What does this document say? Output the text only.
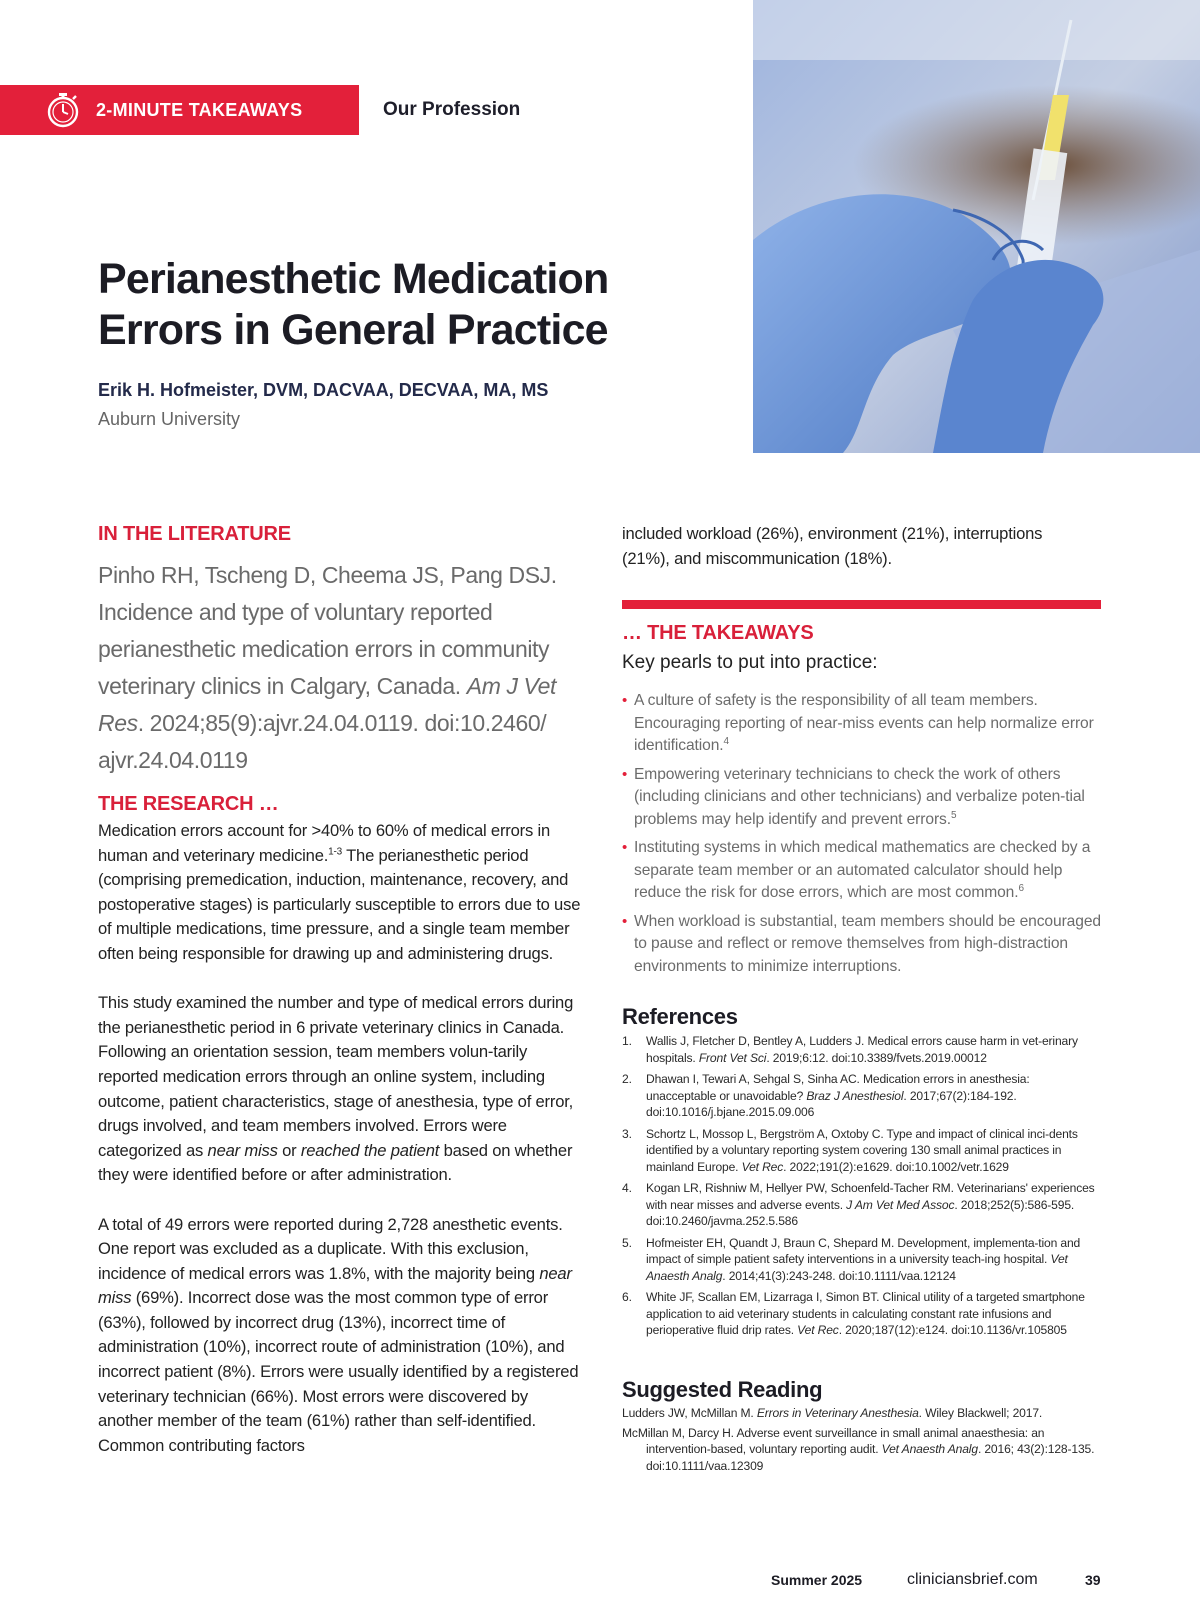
2-MINUTE TAKEAWAYS	Our Profession
Perianesthetic Medication
Errors in General Practice
Erik H. Hofmeister, DVM, DACVAA, DECVAA, MA, MS
Auburn University
IN THE LITERATURE
Pinho RH, Tscheng D, Cheema JS, Pang DSJ. Incidence and type of voluntary reported perianesthetic medication errors in community veterinary clinics in Calgary, Canada. Am J Vet Res. 2024;85(9):ajvr.24.04.0119. doi:10.2460/ ajvr.24.04.0119
THE RESEARCH …

Medication errors account for >40% to 60% of medical errors in human and veterinary medicine.$^{1-3}$ The perianesthetic period (comprising premedication, induction, maintenance, recovery, and postoperative stages) is particularly susceptible to errors due to use of multiple medications, time pressure, and a single team member often being responsible for drawing up and administering drugs.

This study examined the number and type of medical errors during the perianesthetic period in 6 private veterinary clinics in Canada. Following an orientation session, team members volun-tarily reported medication errors through an online system, including outcome, patient characteristics, stage of anesthesia, type of error, drugs involved, and team members involved. Errors were categorized as near miss or reached the patient based on whether they were identified before or after administration.

A total of 49 errors were reported during 2,728 anesthetic events. One report was excluded as a duplicate. With this exclusion, incidence of medical errors was 1.8%, with the majority being near miss (69%). Incorrect dose was the most common type of error (63%), followed by incorrect drug (13%), incorrect time of administration (10%), incorrect route of administration (10%), and incorrect patient (8%). Errors were usually identified by a registered veterinary technician (66%). Most errors were discovered by another member of the team (61%) rather than self-identified. Common contributing factors

included workload (26%), environment (21%), interruptions (21%), and miscommunication (18%).
… THE TAKEAWAYS
Key pearls to put into practice:
• A culture of safety is the responsibility of all team members. Encouraging reporting of near-miss events can help normalize error identification.$^4$
• Empowering veterinary technicians to check the work of others (including clinicians and other technicians) and verbalize poten-tial problems may help identify and prevent errors.$^5$
• Instituting systems in which medical mathematics are checked by a separate team member or an automated calculator should help reduce the risk for dose errors, which are most common.$^6$
• When workload is substantial, team members should be encouraged to pause and reflect or remove themselves from high-distraction environments to minimize interruptions.
References
1. Wallis J, Fletcher D, Bentley A, Ludders J. Medical errors cause harm in vet-erinary hospitals. Front Vet Sci. 2019;6:12. doi:10.3389/fvets.2019.00012
2. Dhawan I, Tewari A, Sehgal S, Sinha AC. Medication errors in anesthesia: unacceptable or unavoidable? Braz J Anesthesiol. 2017;67(2):184-192. doi:10.1016/j.bjane.2015.09.006
3. Schortz L, Mossop L, Bergström A, Oxtoby C. Type and impact of clinical inci-dents identified by a voluntary reporting system covering 130 small animal practices in mainland Europe. Vet Rec. 2022;191(2):e1629. doi:10.1002/vetr.1629
4. Kogan LR, Rishniw M, Hellyer PW, Schoenfeld-Tacher RM. Veterinarians' experiences with near misses and adverse events. J Am Vet Med Assoc. 2018;252(5):586-595. doi:10.2460/javma.252.5.586
5. Hofmeister EH, Quandt J, Braun C, Shepard M. Development, implementa-tion and impact of simple patient safety interventions in a university teach-ing hospital. Vet Anaesth Analg. 2014;41(3):243-248. doi:10.1111/vaa.12124
6. White JF, Scallan EM, Lizarraga I, Simon BT. Clinical utility of a targeted smartphone application to aid veterinary students in calculating constant rate infusions and perioperative fluid drip rates. Vet Rec. 2020;187(12):e124. doi:10.1136/vr.105805
Suggested Reading
Ludders JW, McMillan M. Errors in Veterinary Anesthesia. Wiley Blackwell; 2017.
McMillan M, Darcy H. Adverse event surveillance in small animal anaesthesia: an intervention-based, voluntary reporting audit. Vet Anaesth Analg. 2016; 43(2):128-135. doi:10.1111/vaa.12309
Summer 2025	cliniciansbrief.com	39
